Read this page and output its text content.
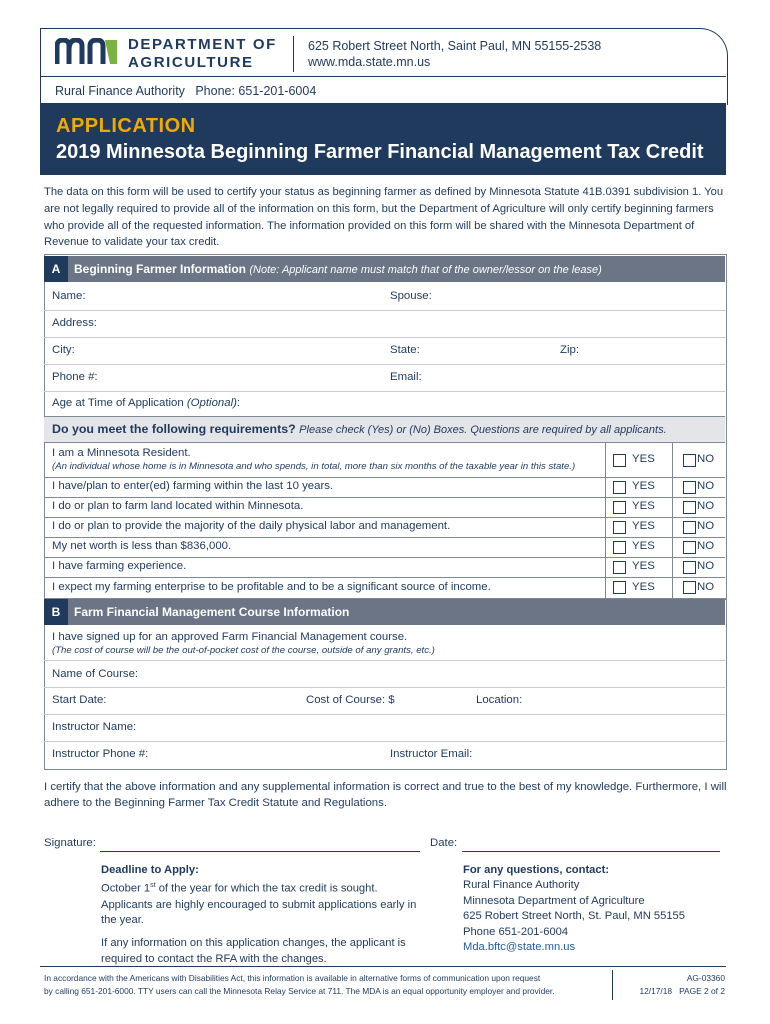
DEPARTMENT OF
AGRICULTURE
625 Robert Street North, Saint Paul, MN 55155-2538
www.mda.state.mn.us
Rural Finance Authority   Phone: 651-201-6004
APPLICATION
2019 Minnesota Beginning Farmer Financial Management Tax Credit
The data on this form will be used to certify your status as beginning farmer as defined by Minnesota Statute 41B.0391 subdivision 1. You are not legally required to provide all of the information on this form, but the Department of Agriculture will only certify beginning farmers who provide all of the requested information. The information provided on this form will be shared with the Minnesota Department of Revenue to validate your tax credit.
A	Beginning Farmer Information (Note: Applicant name must match that of the owner/lessor on the lease)
Name:	Spouse:
Address:
City:	State:	Zip:
Phone #:	Email:
Age at Time of Application (Optional):
Do you meet the following requirements? Please check (Yes) or (No) Boxes. Questions are required by all applicants.
I am a Minnesota Resident.
(An individual whose home is in Minnesota and who spends, in total, more than six months of the taxable year in this state.)
YES	NO
I have/plan to enter(ed) farming within the last 10 years.	YES	NO
I do or plan to farm land located within Minnesota.	YES	NO
I do or plan to provide the majority of the daily physical labor and management.	YES	NO
My net worth is less than $836,000.	YES	NO
I have farming experience.	YES	NO
I expect my farming enterprise to be profitable and to be a significant source of income.	YES	NO
B	Farm Financial Management Course Information
I have signed up for an approved Farm Financial Management course.
(The cost of course will be the out-of-pocket cost of the course, outside of any grants, etc.)
Name of Course:
Start Date:	Cost of Course: $	Location:
Instructor Name:
Instructor Phone #:	Instructor Email:
I certify that the above information and any supplemental information is correct and true to the best of my knowledge. Furthermore, I will adhere to the Beginning Farmer Tax Credit Statute and Regulations.
Signature:	Date:
Deadline to Apply:
October 1st of the year for which the tax credit is sought.
Applicants are highly encouraged to submit applications early in the year.
If any information on this application changes, the applicant is required to contact the RFA with the changes.
For any questions, contact:
Rural Finance Authority
Minnesota Department of Agriculture
625 Robert Street North, St. Paul, MN 55155
Phone 651-201-6004
Mda.bftc@state.mn.us
In accordance with the Americans with Disabilities Act, this information is available in alternative forms of communication upon request
by calling 651-201-6000. TTY users can call the Minnesota Relay Service at 711. The MDA is an equal opportunity employer and provider.
AG-03360
12/17/18 PAGE 2 of 2
